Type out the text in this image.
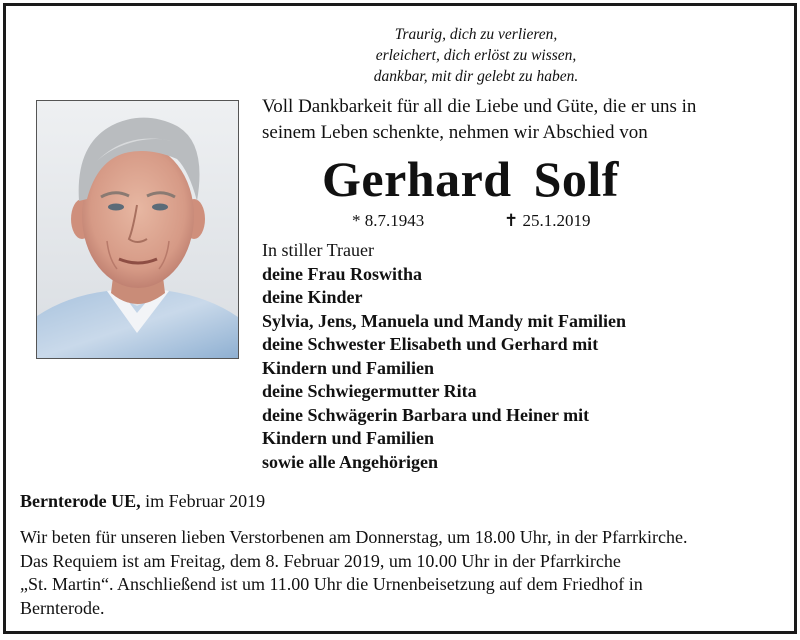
Traurig, dich zu verlieren,
erleichert, dich erlöst zu wissen,
dankbar, mit dir gelebt zu haben.
Voll Dankbarkeit für all die Liebe und Güte, die er uns in
seinem Leben schenkte, nehmen wir Abschied von
Gerhard Solf
* 8.7.1943	✝ 25.1.2019
In stiller Trauer
deine Frau Roswitha
deine Kinder
Sylvia, Jens, Manuela und Mandy mit Familien
deine Schwester Elisabeth und Gerhard mit
Kindern und Familien
deine Schwiegermutter Rita
deine Schwägerin Barbara und Heiner mit
Kindern und Familien
sowie alle Angehörigen
Bernterode UE, im Februar 2019
Wir beten für unseren lieben Verstorbenen am Donnerstag, um 18.00 Uhr, in der Pfarrkirche.
Das Requiem ist am Freitag, dem 8. Februar 2019, um 10.00 Uhr in der Pfarrkirche
„St. Martin“. Anschließend ist um 11.00 Uhr die Urnenbeisetzung auf dem Friedhof in
Bernterode.
